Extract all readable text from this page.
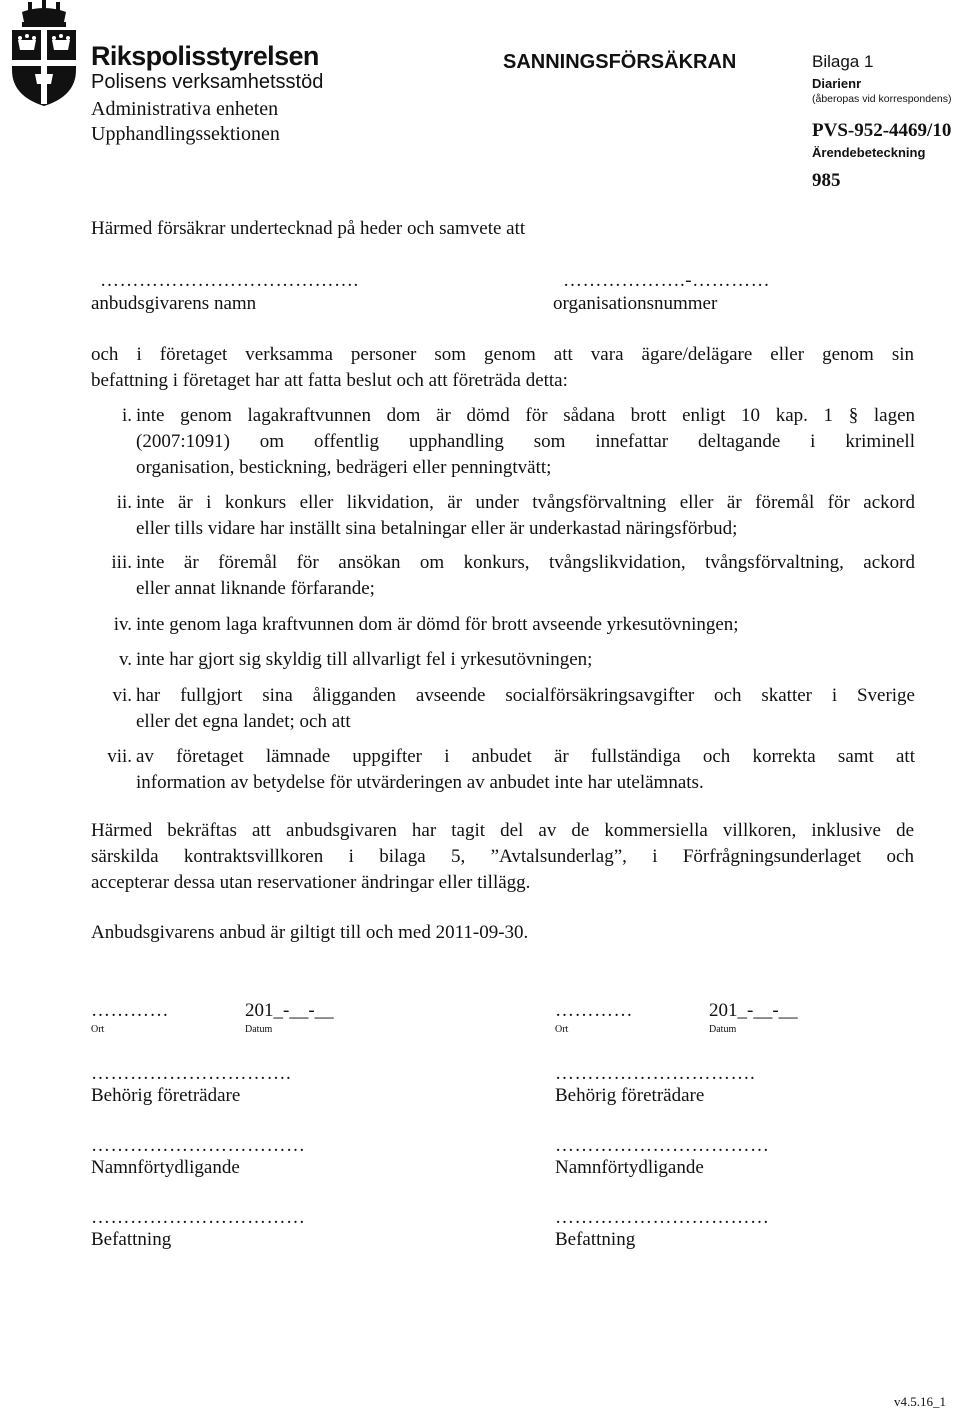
Rikspolisstyrelsen
Polisens verksamhetsstöd
Administrativa enheten
Upphandlingssektionen
SANNINGSFÖRSÄKRAN	Bilaga 1
Diarienr
(åberopas vid korrespondens)
PVS-952-4469/10
Ärendebeteckning
985
Härmed försäkrar undertecknad på heder och samvete att
………………………………….
anbudsgivarens namn
……………….-…………
organisationsnummer
och i företaget verksamma personer som genom att vara ägare/delägare eller genom sin
befattning i företaget har att fatta beslut och att företräda detta:
i. inte genom lagakraftvunnen dom är dömd för sådana brott enligt 10 kap. 1 § lagen
(2007:1091) om offentlig upphandling som innefattar deltagande i kriminell
organisation, bestickning, bedrägeri eller penningtvätt;
ii. inte är i konkurs eller likvidation, är under tvångsförvaltning eller är föremål för ackord
eller tills vidare har inställt sina betalningar eller är underkastad näringsförbud;
iii. inte är föremål för ansökan om konkurs, tvångslikvidation, tvångsförvaltning, ackord
eller annat liknande förfarande;
iv. inte genom laga kraftvunnen dom är dömd för brott avseende yrkesutövningen;
v. inte har gjort sig skyldig till allvarligt fel i yrkesutövningen;
vi. har fullgjort sina åligganden avseende socialförsäkringsavgifter och skatter i Sverige
eller det egna landet; och att
vii. av företaget lämnade uppgifter i anbudet är fullständiga och korrekta samt att
information av betydelse för utvärderingen av anbudet inte har utelämnats.
Härmed bekräftas att anbudsgivaren har tagit del av de kommersiella villkoren, inklusive de
särskilda kontraktsvillkoren i bilaga 5, ”Avtalsunderlag”, i Förfrågningsunderlaget och
accepterar dessa utan reservationer ändringar eller tillägg.
Anbudsgivarens anbud är giltigt till och med 2011-09-30.
…………	201_-__-__
Ort	Datum
………………………….
Behörig företrädare
……………………………
Namnförtydligande
……………………………
Befattning
…………	201_-__-__
Ort	Datum
………………………….
Behörig företrädare
……………………………
Namnförtydligande
……………………………
Befattning
v4.5.16_1
